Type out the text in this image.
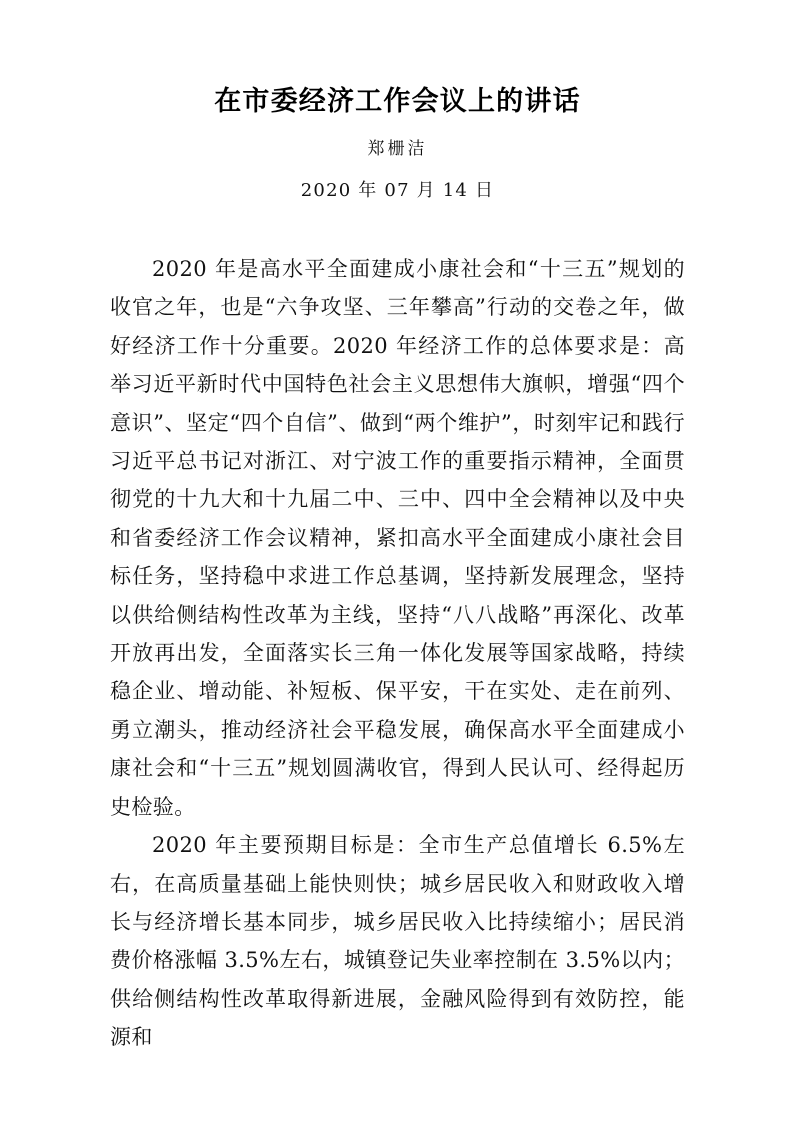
在市委经济工作会议上的讲话
郑栅洁
2020 年 07 月 14 日

2020 年是高水平全面建成小康社会和“十三五”规划的收官之年，也是“六争攻坚、三年攀高”行动的交卷之年，做好经济工作十分重要。2020 年经济工作的总体要求是：高举习近平新时代中国特色社会主义思想伟大旗帜，增强“四个意识”、坚定“四个自信”、做到“两个维护”，时刻牢记和践行习近平总书记对浙江、对宁波工作的重要指示精神，全面贯彻党的十九大和十九届二中、三中、四中全会精神以及中央和省委经济工作会议精神，紧扣高水平全面建成小康社会目标任务，坚持稳中求进工作总基调，坚持新发展理念，坚持以供给侧结构性改革为主线，坚持“八八战略”再深化、改革开放再出发，全面落实长三角一体化发展等国家战略，持续稳企业、增动能、补短板、保平安，干在实处、走在前列、勇立潮头，推动经济社会平稳发展，确保高水平全面建成小康社会和“十三五”规划圆满收官，得到人民认可、经得起历史检验。

2020 年主要预期目标是：全市生产总值增长 6.5%左右，在高质量基础上能快则快；城乡居民收入和财政收入增长与经济增长基本同步，城乡居民收入比持续缩小；居民消费价格涨幅 3.5%左右，城镇登记失业率控制在 3.5%以内；供给侧结构性改革取得新进展，金融风险得到有效防控，能源和
